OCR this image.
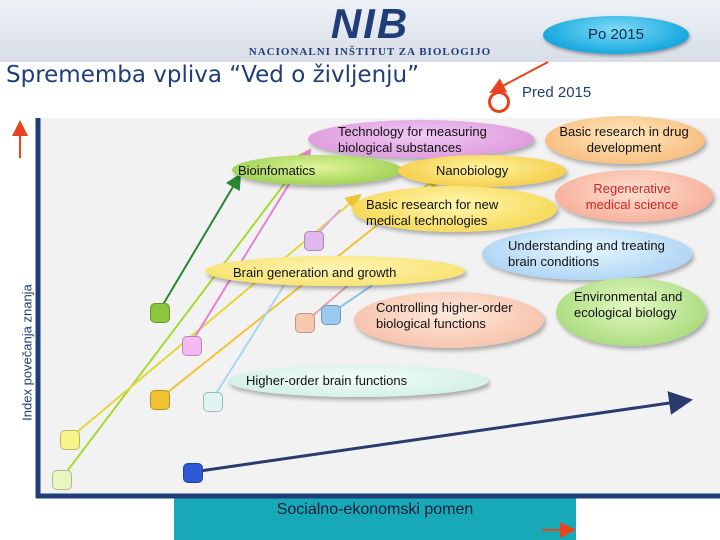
NIB
NACIONALNI INŠTITUT ZA BIOLOGIJO
Sprememba vpliva “Ved o življenju”
Po 2015
Pred 2015
Socialno-ekonomski pomen
Index povečanja znanja
Technology for measuring biological substances
Basic research in drug development
Bioinfomatics	Nanobiology
Regenerative medical science
Basic research for new medical technologies
Understanding and treating brain conditions
Brain generation and growth
Environmental and ecological biology
Controlling higher-order biological functions
Higher-order brain functions
